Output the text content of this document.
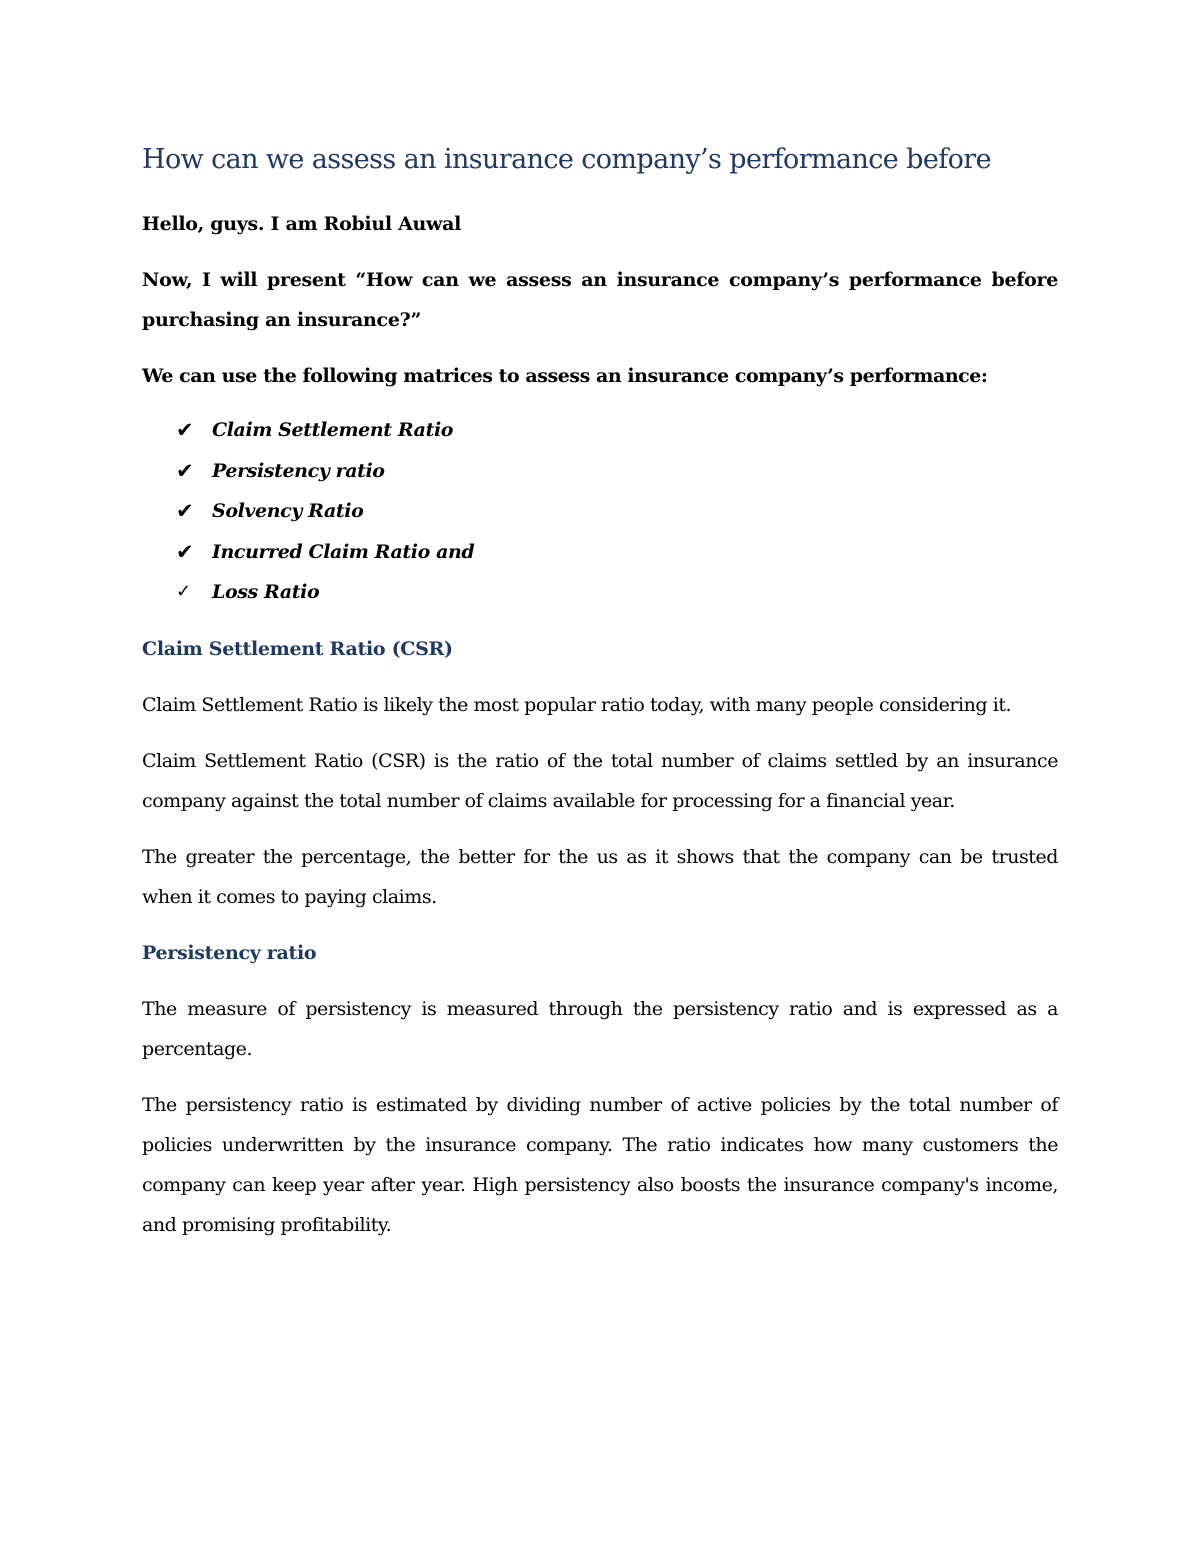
How can we assess an insurance company’s performance before

Hello, guys. I am Robiul Auwal

Now, I will present “How can we assess an insurance company’s performance before purchasing an insurance?”

We can use the following matrices to assess an insurance company’s performance:

✔ Claim Settlement Ratio
✔ Persistency ratio
✔ Solvency Ratio
✔ Incurred Claim Ratio and
✓	Loss Ratio
Claim Settlement Ratio (CSR)

Claim Settlement Ratio is likely the most popular ratio today, with many people considering it.

Claim Settlement Ratio (CSR) is the ratio of the total number of claims settled by an insurance company against the total number of claims available for processing for a financial year.

The greater the percentage, the better for the us as it shows that the company can be trusted when it comes to paying claims.

Persistency ratio

The measure of persistency is measured through the persistency ratio and is expressed as a percentage.

The persistency ratio is estimated by dividing number of active policies by the total number of policies underwritten by the insurance company. The ratio indicates how many customers the company can keep year after year. High persistency also boosts the insurance company's income, and promising profitability.
